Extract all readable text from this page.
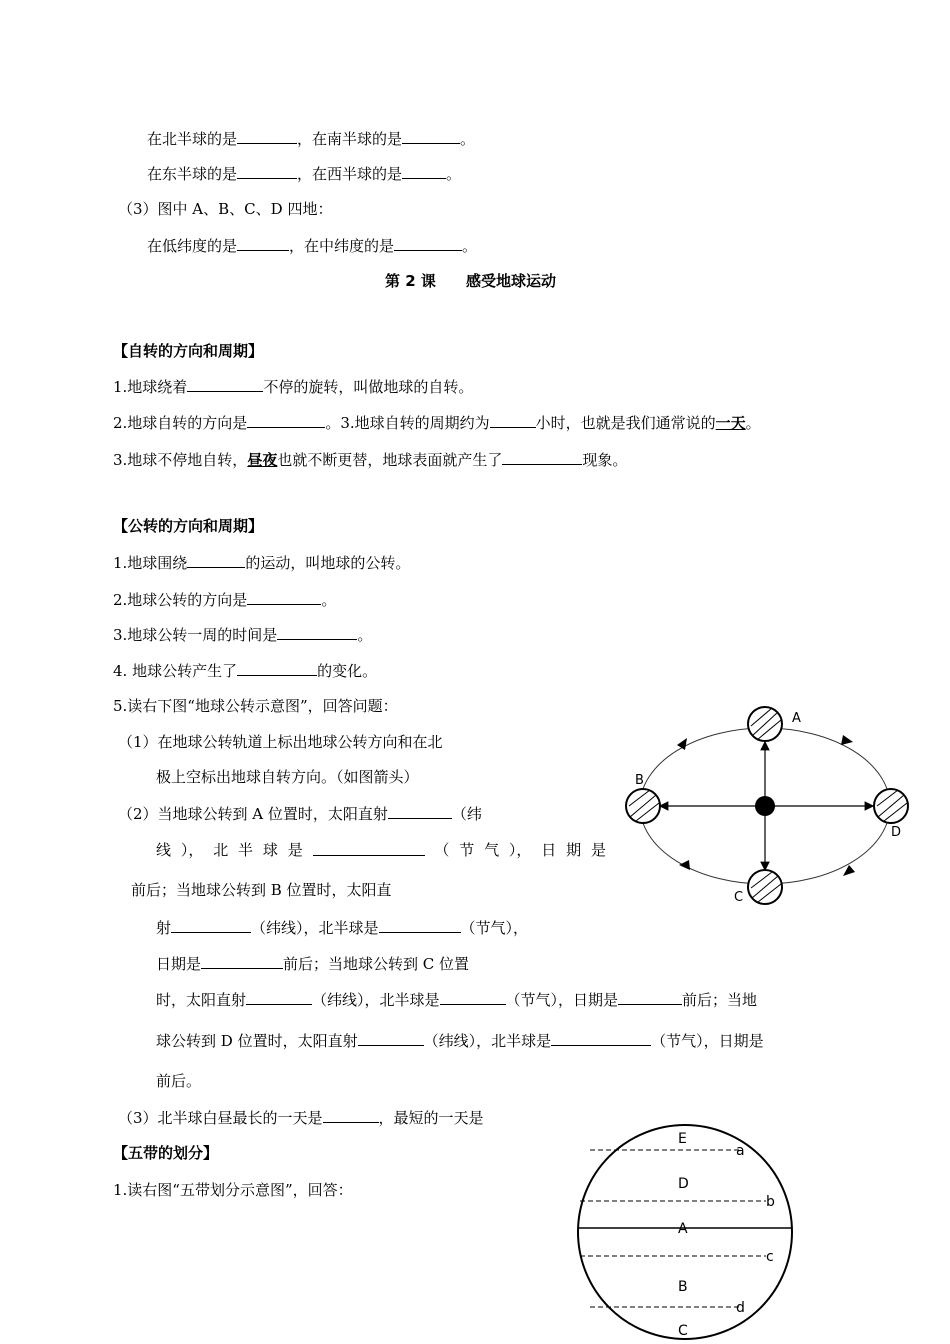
在北半球的是	，在南半球的是	。
在东半球的是	，在西半球的是	。
（3）图中 A、B、C、D 四地：
在低纬度的是	，在中纬度的是	。
第 2 课 感受地球运动
【自转的方向和周期】
1.地球绕着	不停的旋转，叫做地球的自转。
2.地球自转的方向是	。3.地球自转的周期约为	小时，也就是我们通常说的一天。
3.地球不停地自转，昼夜也就不断更替，地球表面就产生了	现象。
【公转的方向和周期】
1.地球围绕	的运动，叫地球的公转。
2.地球公转的方向是	。
3.地球公转一周的时间是	。
4. 地球公转产生了	的变化。
5.读右下图“地球公转示意图”，回答问题：
（1）在地球公转轨道上标出地球公转方向和在北
极上空标出地球自转方向。（如图箭头）
（2）当地球公转到 A 位置时，太阳直射	（纬
线 ）， 北 半 球 是	（ 节 气 ）， 日 期 是
前后；当地球公转到 B 位置时，太阳直
射	（纬线），北半球是	（节气），
日期是	前后；当地球公转到 C 位置
时，太阳直射	（纬线），北半球是	（节气），日期是	前后；当地
球公转到 D 位置时，太阳直射	（纬线），北半球是	（节气），日期是
前后。
（3）北半球白昼最长的一天是	，最短的一天是
【五带的划分】
1.读右图“五带划分示意图”，回答：
A
B
C
D
E
D
A
B
C
a
b
c
d
